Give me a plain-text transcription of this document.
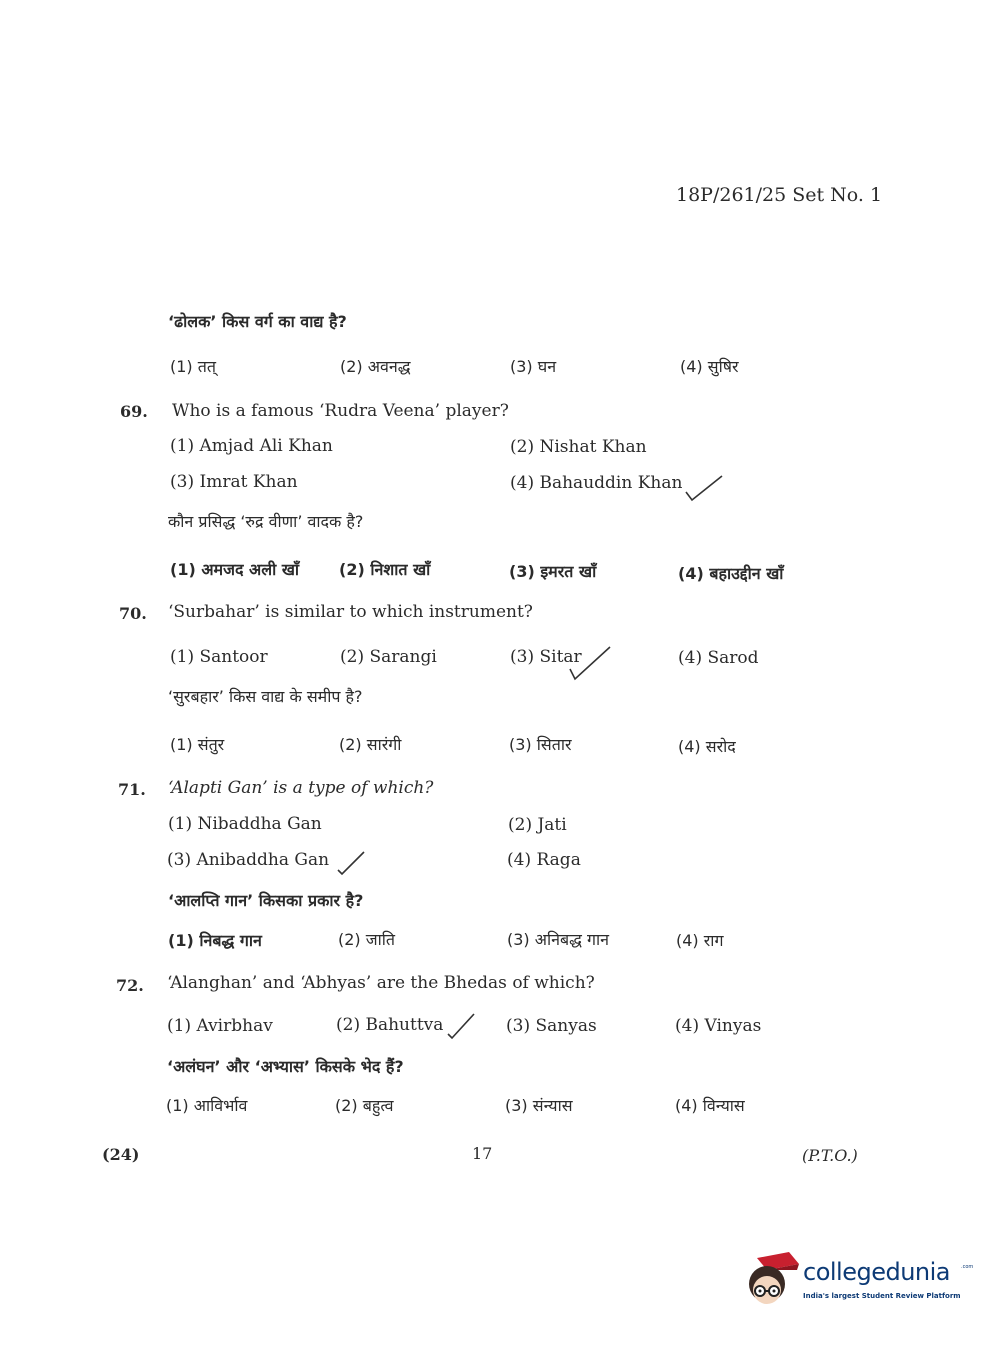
18P/261/25 Set No. 1
‘ढोलक’ किस वर्ग का वाद्य है?
(1) तत्	(2) अवनद्ध	(3) घन	(4) सुषिर
69. Who is a famous ‘Rudra Veena’ player?
(1) Amjad Ali Khan	(2) Nishat Khan
(3) Imrat Khan	(4) Bahauddin Khan
कौन प्रसिद्ध ‘रुद्र वीणा’ वादक है?
(1) अमजद अली खाँ (2) निशात खाँ	(3) इमरत खाँ	(4) बहाउद्दीन खाँ
70. ‘Surbahar’ is similar to which instrument?
(1) Santoor	(2) Sarangi	(3) Sitar	(4) Sarod
‘सुरबहार’ किस वाद्य के समीप है?
(1) संतुर	(2) सारंगी	(3) सितार	(4) सरोद
71. ‘Alapti Gan’ is a type of which?
(1) Nibaddha Gan	(2) Jati
(3) Anibaddha Gan	(4) Raga
‘आलप्ति गान’ किसका प्रकार है?
(1) निबद्ध गान	(2) जाति	(3) अनिबद्ध गान	(4) राग
72. ‘Alanghan’ and ‘Abhyas’ are the Bhedas of which?
(1) Avirbhav	(2) Bahuttva	(3) Sanyas	(4) Vinyas
‘अलंघन’ और ‘अभ्यास’ किसके भेद हैं?
(1) आविर्भाव	(2) बहुत्व	(3) संन्यास	(4) विन्यास
(24)	17	(P.T.O.)
collegedunia .com
India's largest Student Review Platform
